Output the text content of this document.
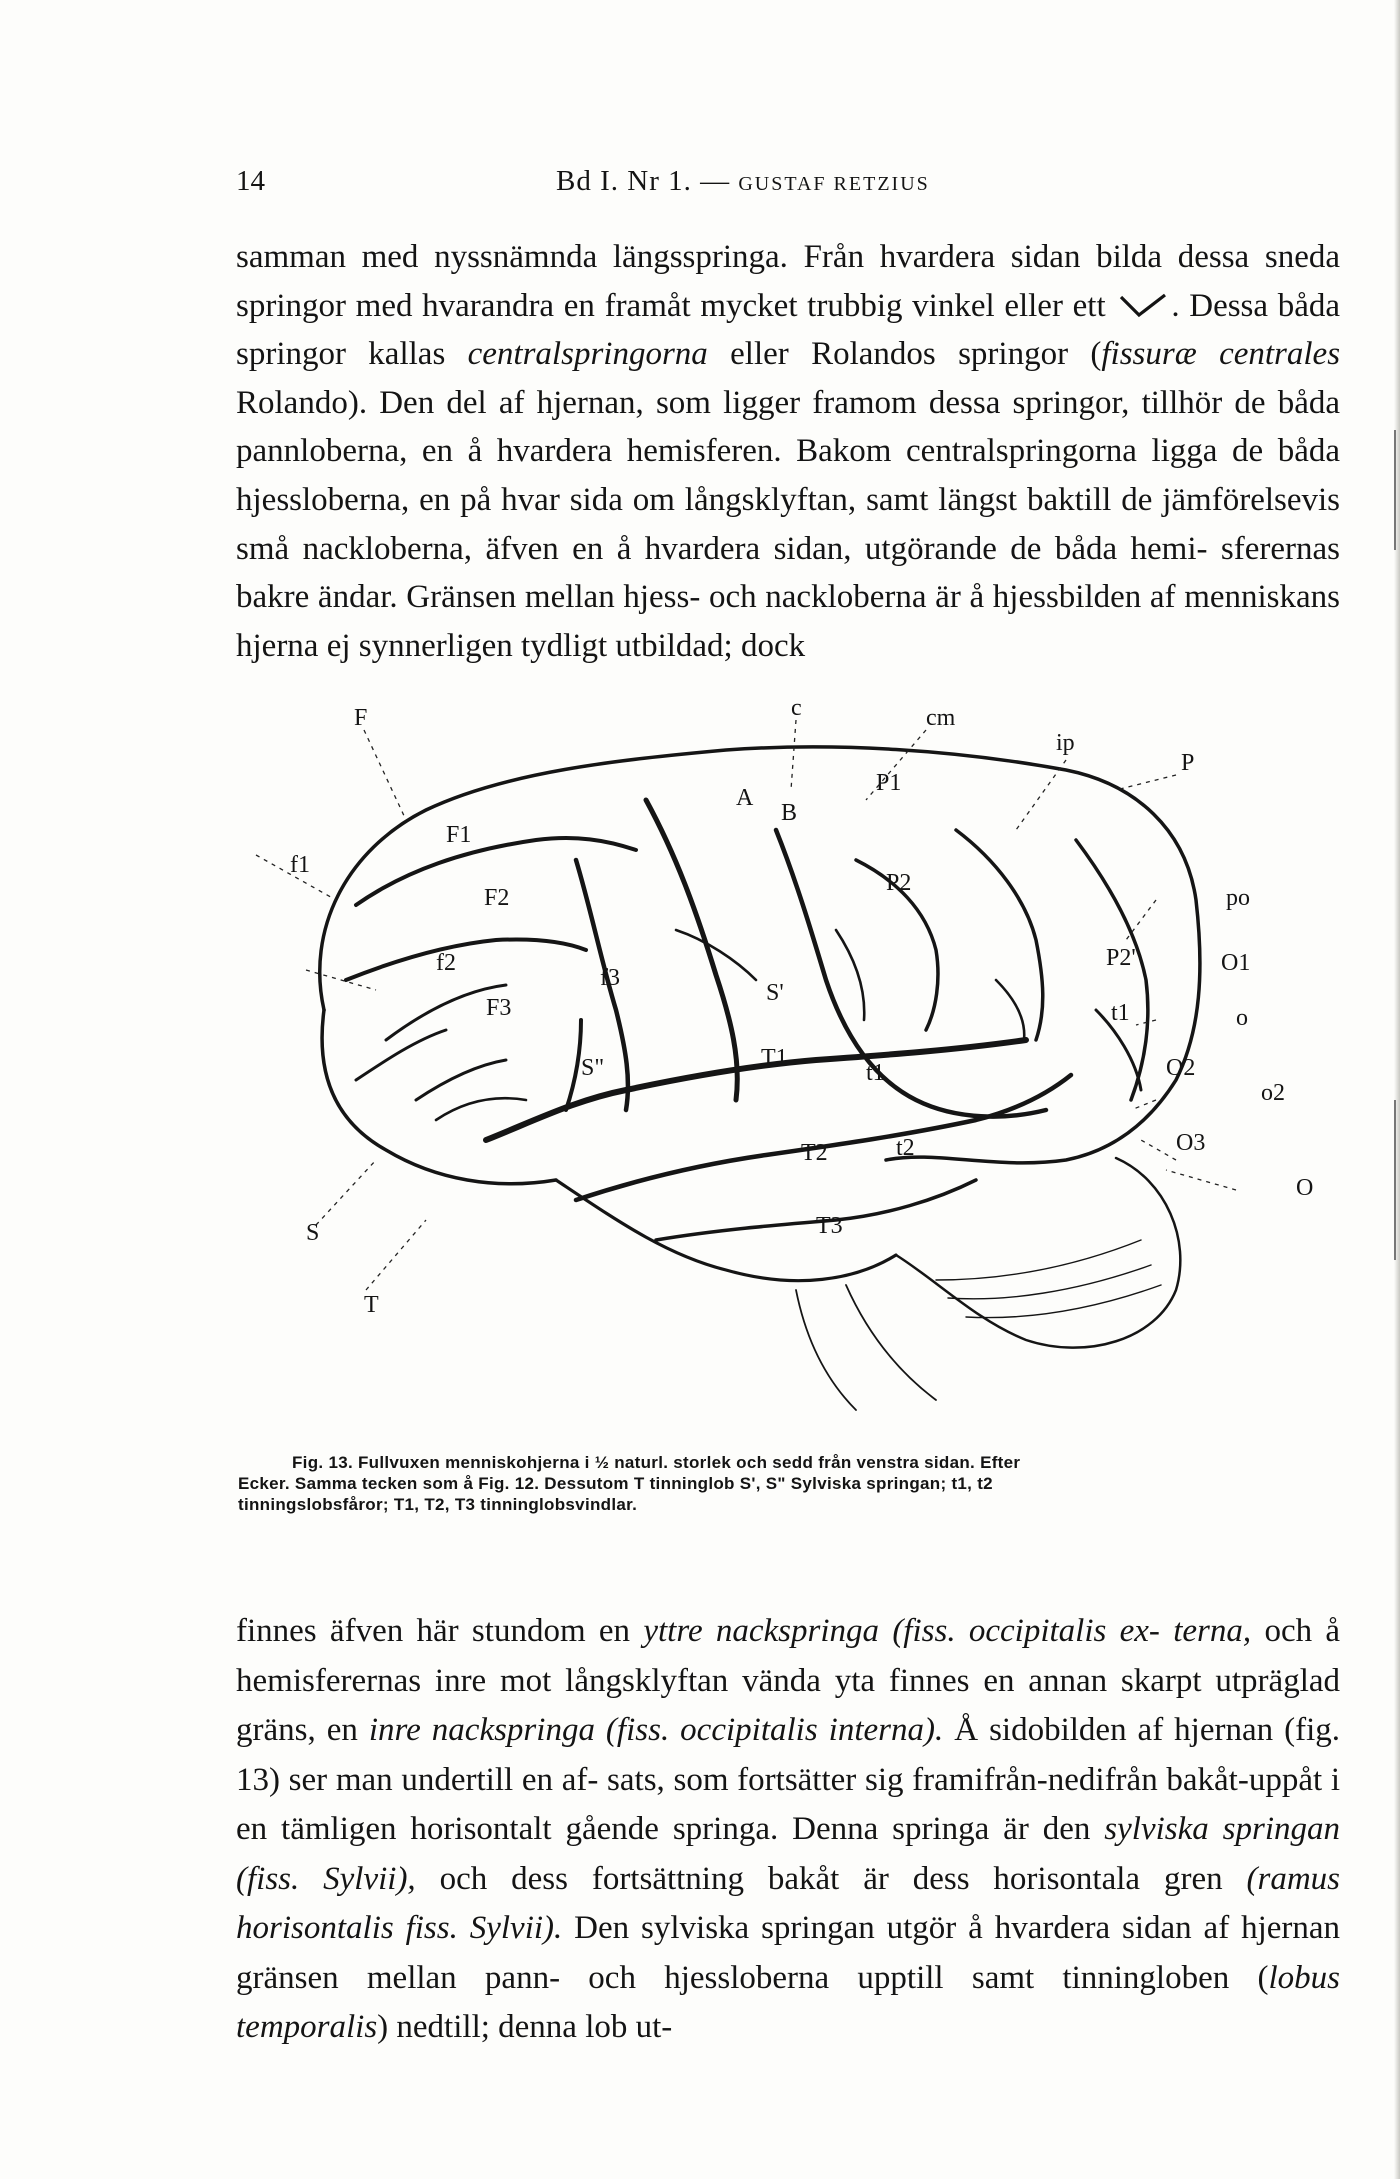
14	Bd I. Nr 1. — GUSTAF RETZIUS

samman med nyssnämnda längsspringa. Från hvardera sidan bilda dessa sneda springor med hvarandra en framåt mycket trubbig vinkel eller ett . Dessa båda springor kallas centralspringorna eller Rolandos springor (fissuræ centrales Rolando). Den del af hjernan, som ligger framom dessa springor, tillhör de båda pannloberna, en å hvardera hemisferen. Bakom centralspringorna ligga de båda hjessloberna, en på hvar sida om långsklyftan, samt längst baktill de jämförelsevis små nackloberna, äfven en å hvardera sidan, utgörande de båda hemi- sferernas bakre ändar. Gränsen mellan hjess- och nackloberna är å hjessbilden af menniskans hjerna ej synnerligen tydligt utbildad; dock

F	c	cm
ip
P
P1
A
B
F1
f1
F2
P2
po
f2
f3
S'
P2'	O1
F3	t1	o
S"	T1
t1	O2
o2
T2	t2	O3
O
T3
S
T

Fig. 13. Fullvuxen menniskohjerna i ½ naturl. storlek och sedd från venstra sidan. Efter
Ecker. Samma tecken som å Fig. 12. Dessutom T tinninglob S', S" Sylviska springan; t1, t2
tinningslobsfåror; T1, T2, T3 tinninglobsvindlar.

finnes äfven här stundom en yttre nackspringa (fiss. occipitalis ex- terna, och å hemisferernas inre mot långsklyftan vända yta finnes en annan skarpt utpräglad gräns, en inre nackspringa (fiss. occipitalis interna). Å sidobilden af hjernan (fig. 13) ser man undertill en af- sats, som fortsätter sig framifrån-nedifrån bakåt-uppåt i en tämligen horisontalt gående springa. Denna springa är den sylviska springan (fiss. Sylvii), och dess fortsättning bakåt är dess horisontala gren (ramus horisontalis fiss. Sylvii). Den sylviska springan utgör å hvardera sidan af hjernan gränsen mellan pann- och hjessloberna upptill samt tinningloben (lobus temporalis) nedtill; denna lob ut-
